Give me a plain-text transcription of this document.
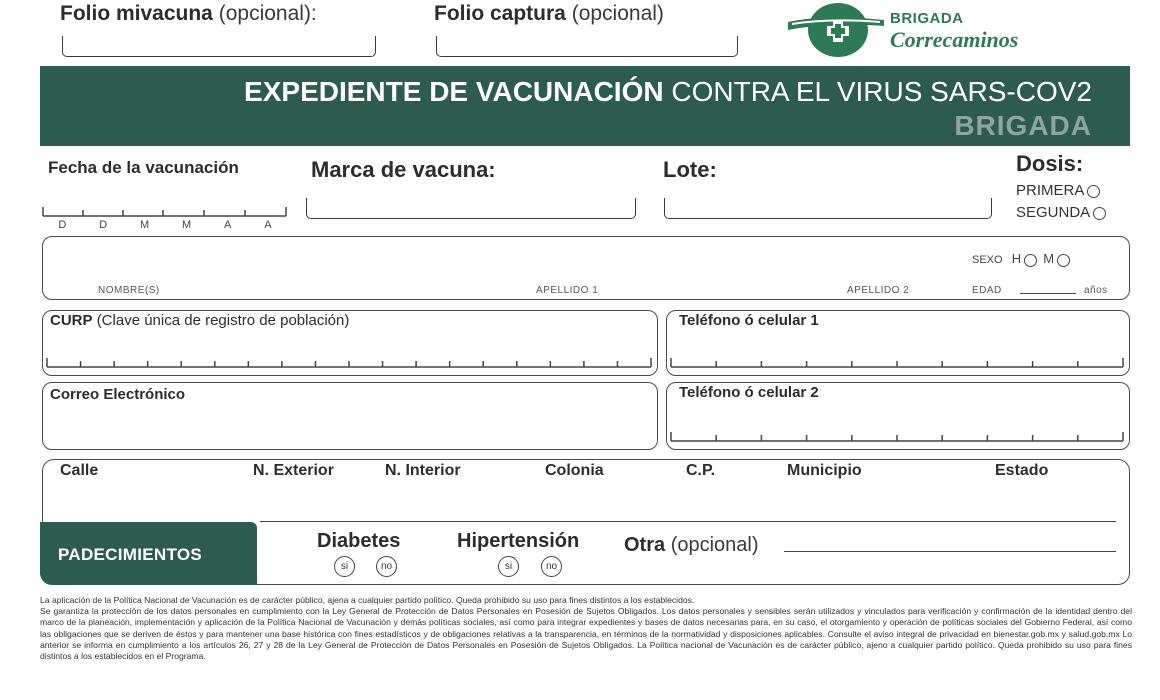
Folio mivacuna (opcional):	Folio captura (opcional)	BRIGADA
Correcaminos
EXPEDIENTE DE VACUNACIÓN CONTRA EL VIRUS SARS-COV2
BRIGADA
Fecha de la vacunación
D	D	M	M	A	A
Marca de vacuna:	Lote:	Dosis:
PRIMERA
SEGUNDA
SEXO H M
NOMBRE(S)	APELLIDO 1	APELLIDO 2	EDAD	años
CURP (Clave única de registro de población)	Teléfono ó celular 1
Correo Electrónico	Teléfono ó celular 2
Calle	N. Exterior	N. Interior	Colonia	C.P.	Municipio	Estado
PADECIMIENTOS
Diabetes
si	no
Hipertensión
si	no
Otra (opcional)
La aplicación de la Política Nacional de Vacunación es de carácter público, ajena a cualquier partido político. Queda prohibido su uso para fines distintos a los establecidos.
Se garantiza la protección de los datos personales en cumplimiento con la Ley General de Protección de Datos Personales en Posesión de Sujetos Obligados. Los datos personales y sensibles serán utilizados y vinculados para verificación y confirmación de la identidad dentro del marco de la planeación, implementación y aplicación de la Política Nacional de Vacunación y demás políticas sociales, así como para integrar expedientes y bases de datos necesarias para, en su caso, el otorgamiento y operación de políticas sociales del Gobierno Federal, así como las obligaciones que se deriven de éstos y para mantener una base histórica con fines estadísticos y de obligaciones relativas a la transparencia, en términos de la normatividad y disposiciones aplicables. Consulte el aviso integral de privacidad en bienestar.gob.mx y salud.gob.mx Lo anterior se informa en cumplimiento a los artículos 26, 27 y 28 de la Ley General de Protección de Datos Personales en Posesión de Sujetos Obligados. La Política nacional de Vacunación es de carácter público, ajeno a cualquier partido político. Queda prohibido su uso para fines distintos a los establecidos en el Programa.
